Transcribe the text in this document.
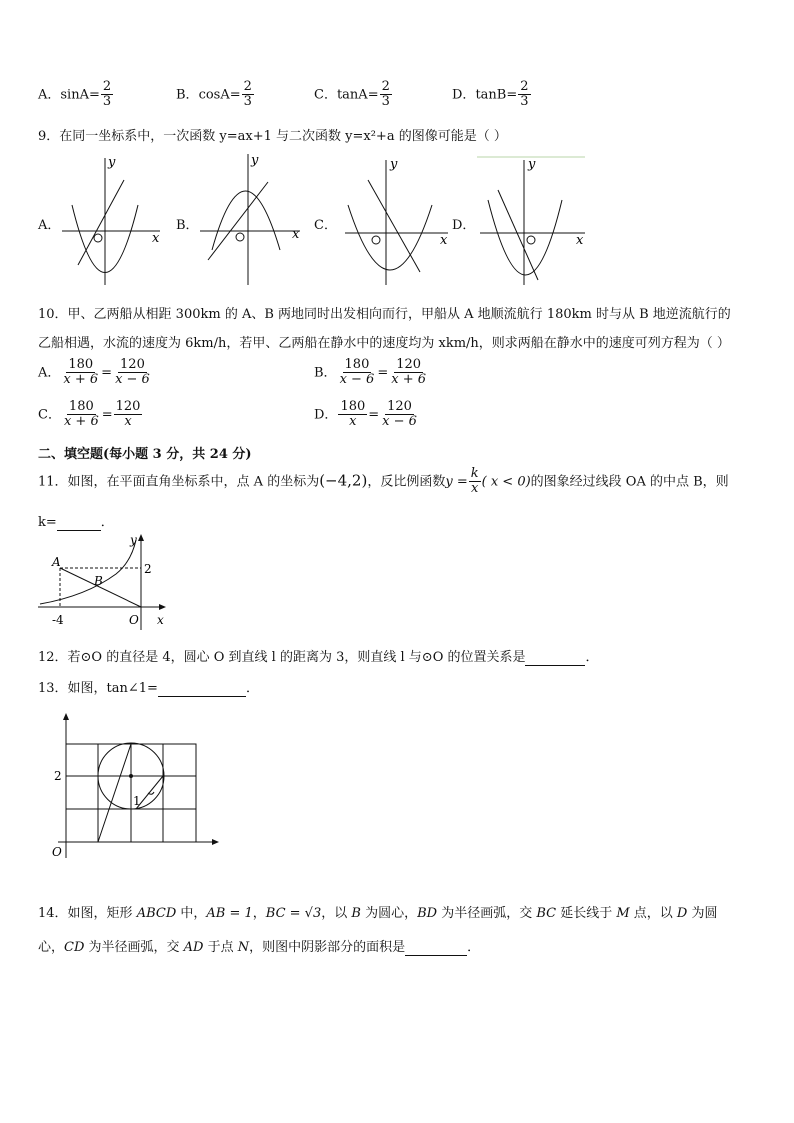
A．$\sin A= \frac{2}{3}$	B．$\cos A= \frac{2}{3}$	C．$\tan A= \frac{2}{3}$	D．$\tan B= \frac{2}{3}$
9．在同一坐标系中，一次函数 y=ax+1 与二次函数 y=x²+a 的图像可能是（ ）
A．	B．	C．	D．
x
y
x
y
x
y
x
y
10．甲、乙两船从相距 300km 的 A、B 两地同时出发相向而行，甲船从 A 地顺流航行 180km 时与从 B 地逆流航行的
乙船相遇，水流的速度为 6km/h，若甲、乙两船在静水中的速度均为 xkm/h，则求两船在静水中的速度可列方程为（ ）
A． $\frac{180}{x + 6} = \frac{120}{x - 6}$	B． $\frac{180}{x - 6} = \frac{120}{x + 6}$
C． $\frac{180}{x + 6} = \frac{120}{x}$	D． $\frac{180}{x} = \frac{120}{x - 6}$
二、填空题(每小题 3 分，共 24 分)
11．如图，在平面直角坐标系中，点 A 的坐标为(−4,2)，反比例函数$y = \frac{k}{x}$ ( x < 0)的图象经过线段 OA 的中点 B，则
k=	．
A
B
O x
y
2
-4
12．若⊙O 的直径是 4，圆心 O 到直线 l 的距离为 3，则直线 l 与⊙O 的位置关系是	．
13．如图，tan∠1=	．
2
O
1
14．如图，矩形 ABCD 中，AB = 1，BC = √3，以 B 为圆心，BD 为半径画弧，交 BC 延长线于 M 点，以 D 为圆
心，CD 为半径画弧，交 AD 于点 N，则图中阴影部分的面积是	．
